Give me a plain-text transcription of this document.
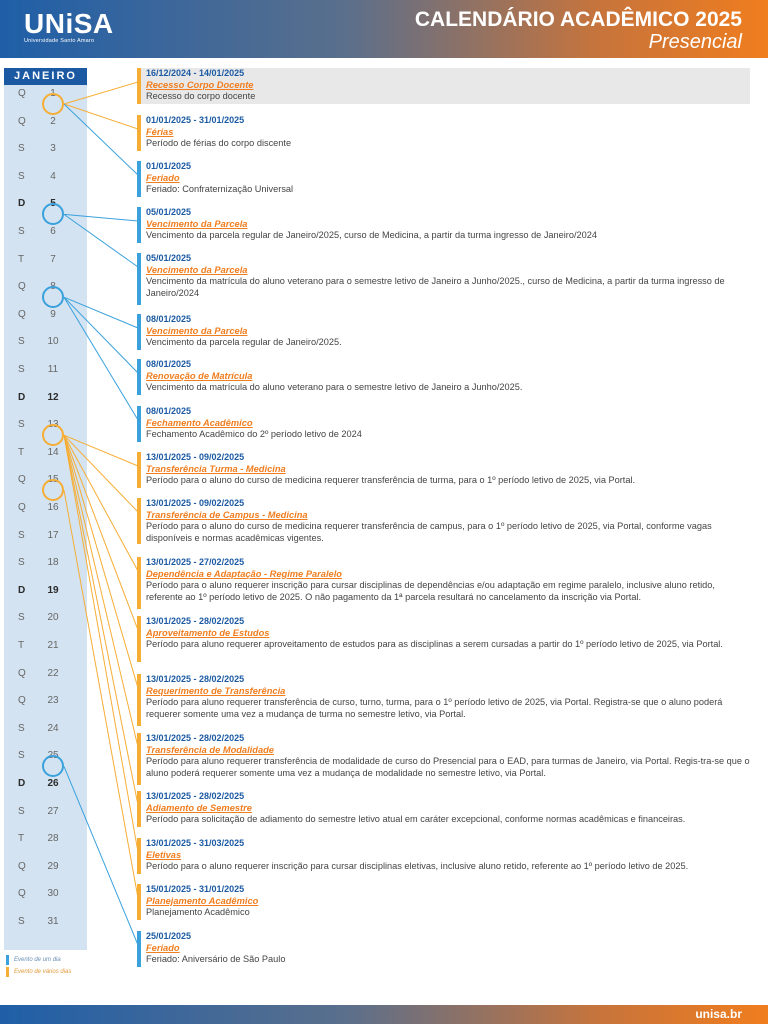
UNiSA
Universidade Santo Amaro
CALENDÁRIO ACADÊMICO 2025
Presencial
JANEIRO
Q	1
Q	2
S	3
S	4
D	5
S	6
T	7
Q	8
Q	9
S	10
S	11
D	12
S	13
T	14
Q	15
Q	16
S	17
S	18
D	19
S	20
T	21
Q	22
Q	23
S	24
S	25
D	26
S	27
T	28
Q	29
Q	30
S	31
16/12/2024 - 14/01/2025
Recesso Corpo Docente
Recesso do corpo docente
01/01/2025 - 31/01/2025
Férias
Período de férias do corpo discente
01/01/2025
Feriado
Feriado: Confraternização Universal
05/01/2025
Vencimento da Parcela
Vencimento da parcela regular de Janeiro/2025, curso de Medicina, a partir da turma ingresso de Janeiro/2024
05/01/2025
Vencimento da Parcela
Vencimento da matrícula do aluno veterano para o semestre letivo de Janeiro a Junho/2025., curso de Medicina, a partir da turma ingresso de Janeiro/2024
08/01/2025
Vencimento da Parcela
Vencimento da parcela regular de Janeiro/2025.
08/01/2025
Renovação de Matrícula
Vencimento da matrícula do aluno veterano para o semestre letivo de Janeiro a Junho/2025.
08/01/2025
Fechamento Acadêmico
Fechamento Acadêmico do 2º período letivo de 2024
13/01/2025 - 09/02/2025
Transferência Turma - Medicina
Período para o aluno do curso de medicina requerer transferência de turma, para o 1º período letivo de 2025, via Portal.
13/01/2025 - 09/02/2025
Transferência de Campus - Medicina
Período para o aluno do curso de medicina requerer transferência de campus, para o 1º período letivo de 2025, via Portal, conforme vagas disponíveis e normas acadêmicas vigentes.
13/01/2025 - 27/02/2025
Dependência e Adaptação - Regime Paralelo
Período para o aluno requerer inscrição para cursar disciplinas de dependências e/ou adaptação em regime paralelo, inclusive aluno retido, referente ao 1º período letivo de 2025. O não pagamento da 1ª parcela resultará no cancelamento da inscrição via Portal.
13/01/2025 - 28/02/2025
Aproveitamento de Estudos
Período para aluno requerer aproveitamento de estudos para as disciplinas a serem cursadas a partir do 1º período letivo de 2025, via Portal.
13/01/2025 - 28/02/2025
Requerimento de Transferência
Período para aluno requerer transferência de curso, turno, turma, para o 1º período letivo de 2025, via Portal. Registra-se que o aluno poderá requerer somente uma vez a mudança de turma no semestre letivo, via Portal.
13/01/2025 - 28/02/2025
Transferência de Modalidade
Período para aluno requerer transferência de modalidade de curso do Presencial para o EAD, para turmas de Janeiro, via Portal. Regis-tra-se que o aluno poderá requerer somente uma vez a mudança de modalidade no semestre letivo, via Portal.
13/01/2025 - 28/02/2025
Adiamento de Semestre
Período para solicitação de adiamento do semestre letivo atual em caráter excepcional, conforme normas acadêmicas e financeiras.
13/01/2025 - 31/03/2025
Eletivas
Período para o aluno requerer inscrição para cursar disciplinas eletivas, inclusive aluno retido, referente ao 1º período letivo de 2025.
15/01/2025 - 31/01/2025
Planejamento Acadêmico
Planejamento Acadêmico
25/01/2025
Feriado
Feriado: Aniversário de São Paulo
Evento de um dia
Evento de vários dias
unisa.br
